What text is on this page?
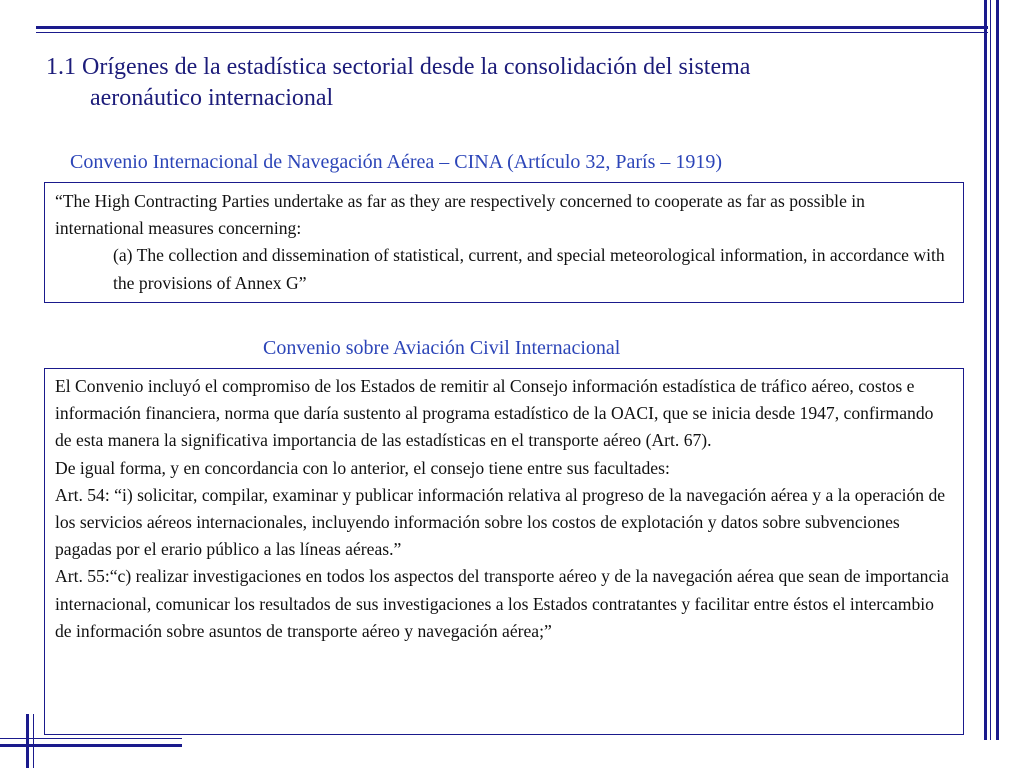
1.1 Orígenes de la estadística sectorial desde la consolidación del sistema
aeronáutico internacional
Convenio Internacional de Navegación Aérea – CINA (Artículo 32, París – 1919)

“The High Contracting Parties undertake as far as they are respectively concerned to cooperate as far as possible in international measures concerning:

(a) The collection and dissemination of statistical, current, and special meteorological information, in accordance with the provisions of Annex G”

Convenio sobre Aviación Civil Internacional

El Convenio incluyó el compromiso de los Estados de remitir al Consejo información estadística de tráfico aéreo, costos e información financiera, norma que daría sustento al programa estadístico de la OACI, que se inicia desde 1947, confirmando de esta manera la significativa importancia de las estadísticas en el transporte aéreo (Art. 67).

De igual forma, y en concordancia con lo anterior, el consejo tiene entre sus facultades:

Art. 54: “i) solicitar, compilar, examinar y publicar información relativa al progreso de la navegación aérea y a la operación de los servicios aéreos internacionales, incluyendo información sobre los costos de explotación y datos sobre subvenciones pagadas por el erario público a las líneas aéreas.”

Art. 55:“c) realizar investigaciones en todos los aspectos del transporte aéreo y de la navegación aérea que sean de importancia internacional, comunicar los resultados de sus investigaciones a los Estados contratantes y facilitar entre éstos el intercambio de información sobre asuntos de transporte aéreo y navegación aérea;”
